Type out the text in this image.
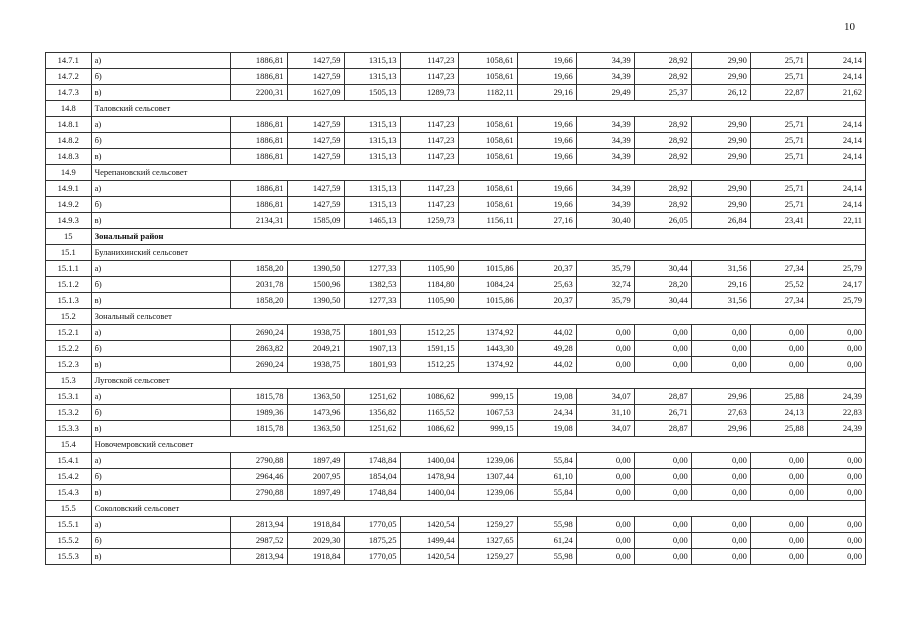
10
14.7.1	а)	1886,81	1427,59	1315,13	1147,23	1058,61	19,66	34,39	28,92	29,90	25,71	24,14
14.7.2	б)	1886,81	1427,59	1315,13	1147,23	1058,61	19,66	34,39	28,92	29,90	25,71	24,14
14.7.3	в)	2200,31	1627,09	1505,13	1289,73	1182,11	29,16	29,49	25,37	26,12	22,87	21,62
14.8	Таловский сельсовет											
14.8.1	а)	1886,81	1427,59	1315,13	1147,23	1058,61	19,66	34,39	28,92	29,90	25,71	24,14
14.8.2	б)	1886,81	1427,59	1315,13	1147,23	1058,61	19,66	34,39	28,92	29,90	25,71	24,14
14.8.3	в)	1886,81	1427,59	1315,13	1147,23	1058,61	19,66	34,39	28,92	29,90	25,71	24,14
14.9	Черепановский сельсовет											
14.9.1	а)	1886,81	1427,59	1315,13	1147,23	1058,61	19,66	34,39	28,92	29,90	25,71	24,14
14.9.2	б)	1886,81	1427,59	1315,13	1147,23	1058,61	19,66	34,39	28,92	29,90	25,71	24,14
14.9.3	в)	2134,31	1585,09	1465,13	1259,73	1156,11	27,16	30,40	26,05	26,84	23,41	22,11
15	Зональный район											
15.1	Буланихинский сельсовет											
15.1.1	а)	1858,20	1390,50	1277,33	1105,90	1015,86	20,37	35,79	30,44	31,56	27,34	25,79
15.1.2	б)	2031,78	1500,96	1382,53	1184,80	1084,24	25,63	32,74	28,20	29,16	25,52	24,17
15.1.3	в)	1858,20	1390,50	1277,33	1105,90	1015,86	20,37	35,79	30,44	31,56	27,34	25,79
15.2	Зональный сельсовет											
15.2.1	а)	2690,24	1938,75	1801,93	1512,25	1374,92	44,02	0,00	0,00	0,00	0,00	0,00
15.2.2	б)	2863,82	2049,21	1907,13	1591,15	1443,30	49,28	0,00	0,00	0,00	0,00	0,00
15.2.3	в)	2690,24	1938,75	1801,93	1512,25	1374,92	44,02	0,00	0,00	0,00	0,00	0,00
15.3	Луговской сельсовет											
15.3.1	а)	1815,78	1363,50	1251,62	1086,62	999,15	19,08	34,07	28,87	29,96	25,88	24,39
15.3.2	б)	1989,36	1473,96	1356,82	1165,52	1067,53	24,34	31,10	26,71	27,63	24,13	22,83
15.3.3	в)	1815,78	1363,50	1251,62	1086,62	999,15	19,08	34,07	28,87	29,96	25,88	24,39
15.4	Новочемровский сельсовет											
15.4.1	а)	2790,88	1897,49	1748,84	1400,04	1239,06	55,84	0,00	0,00	0,00	0,00	0,00
15.4.2	б)	2964,46	2007,95	1854,04	1478,94	1307,44	61,10	0,00	0,00	0,00	0,00	0,00
15.4.3	в)	2790,88	1897,49	1748,84	1400,04	1239,06	55,84	0,00	0,00	0,00	0,00	0,00
15.5	Соколовский сельсовет											
15.5.1	а)	2813,94	1918,84	1770,05	1420,54	1259,27	55,98	0,00	0,00	0,00	0,00	0,00
15.5.2	б)	2987,52	2029,30	1875,25	1499,44	1327,65	61,24	0,00	0,00	0,00	0,00	0,00
15.5.3	в)	2813,94	1918,84	1770,05	1420,54	1259,27	55,98	0,00	0,00	0,00	0,00	0,00
